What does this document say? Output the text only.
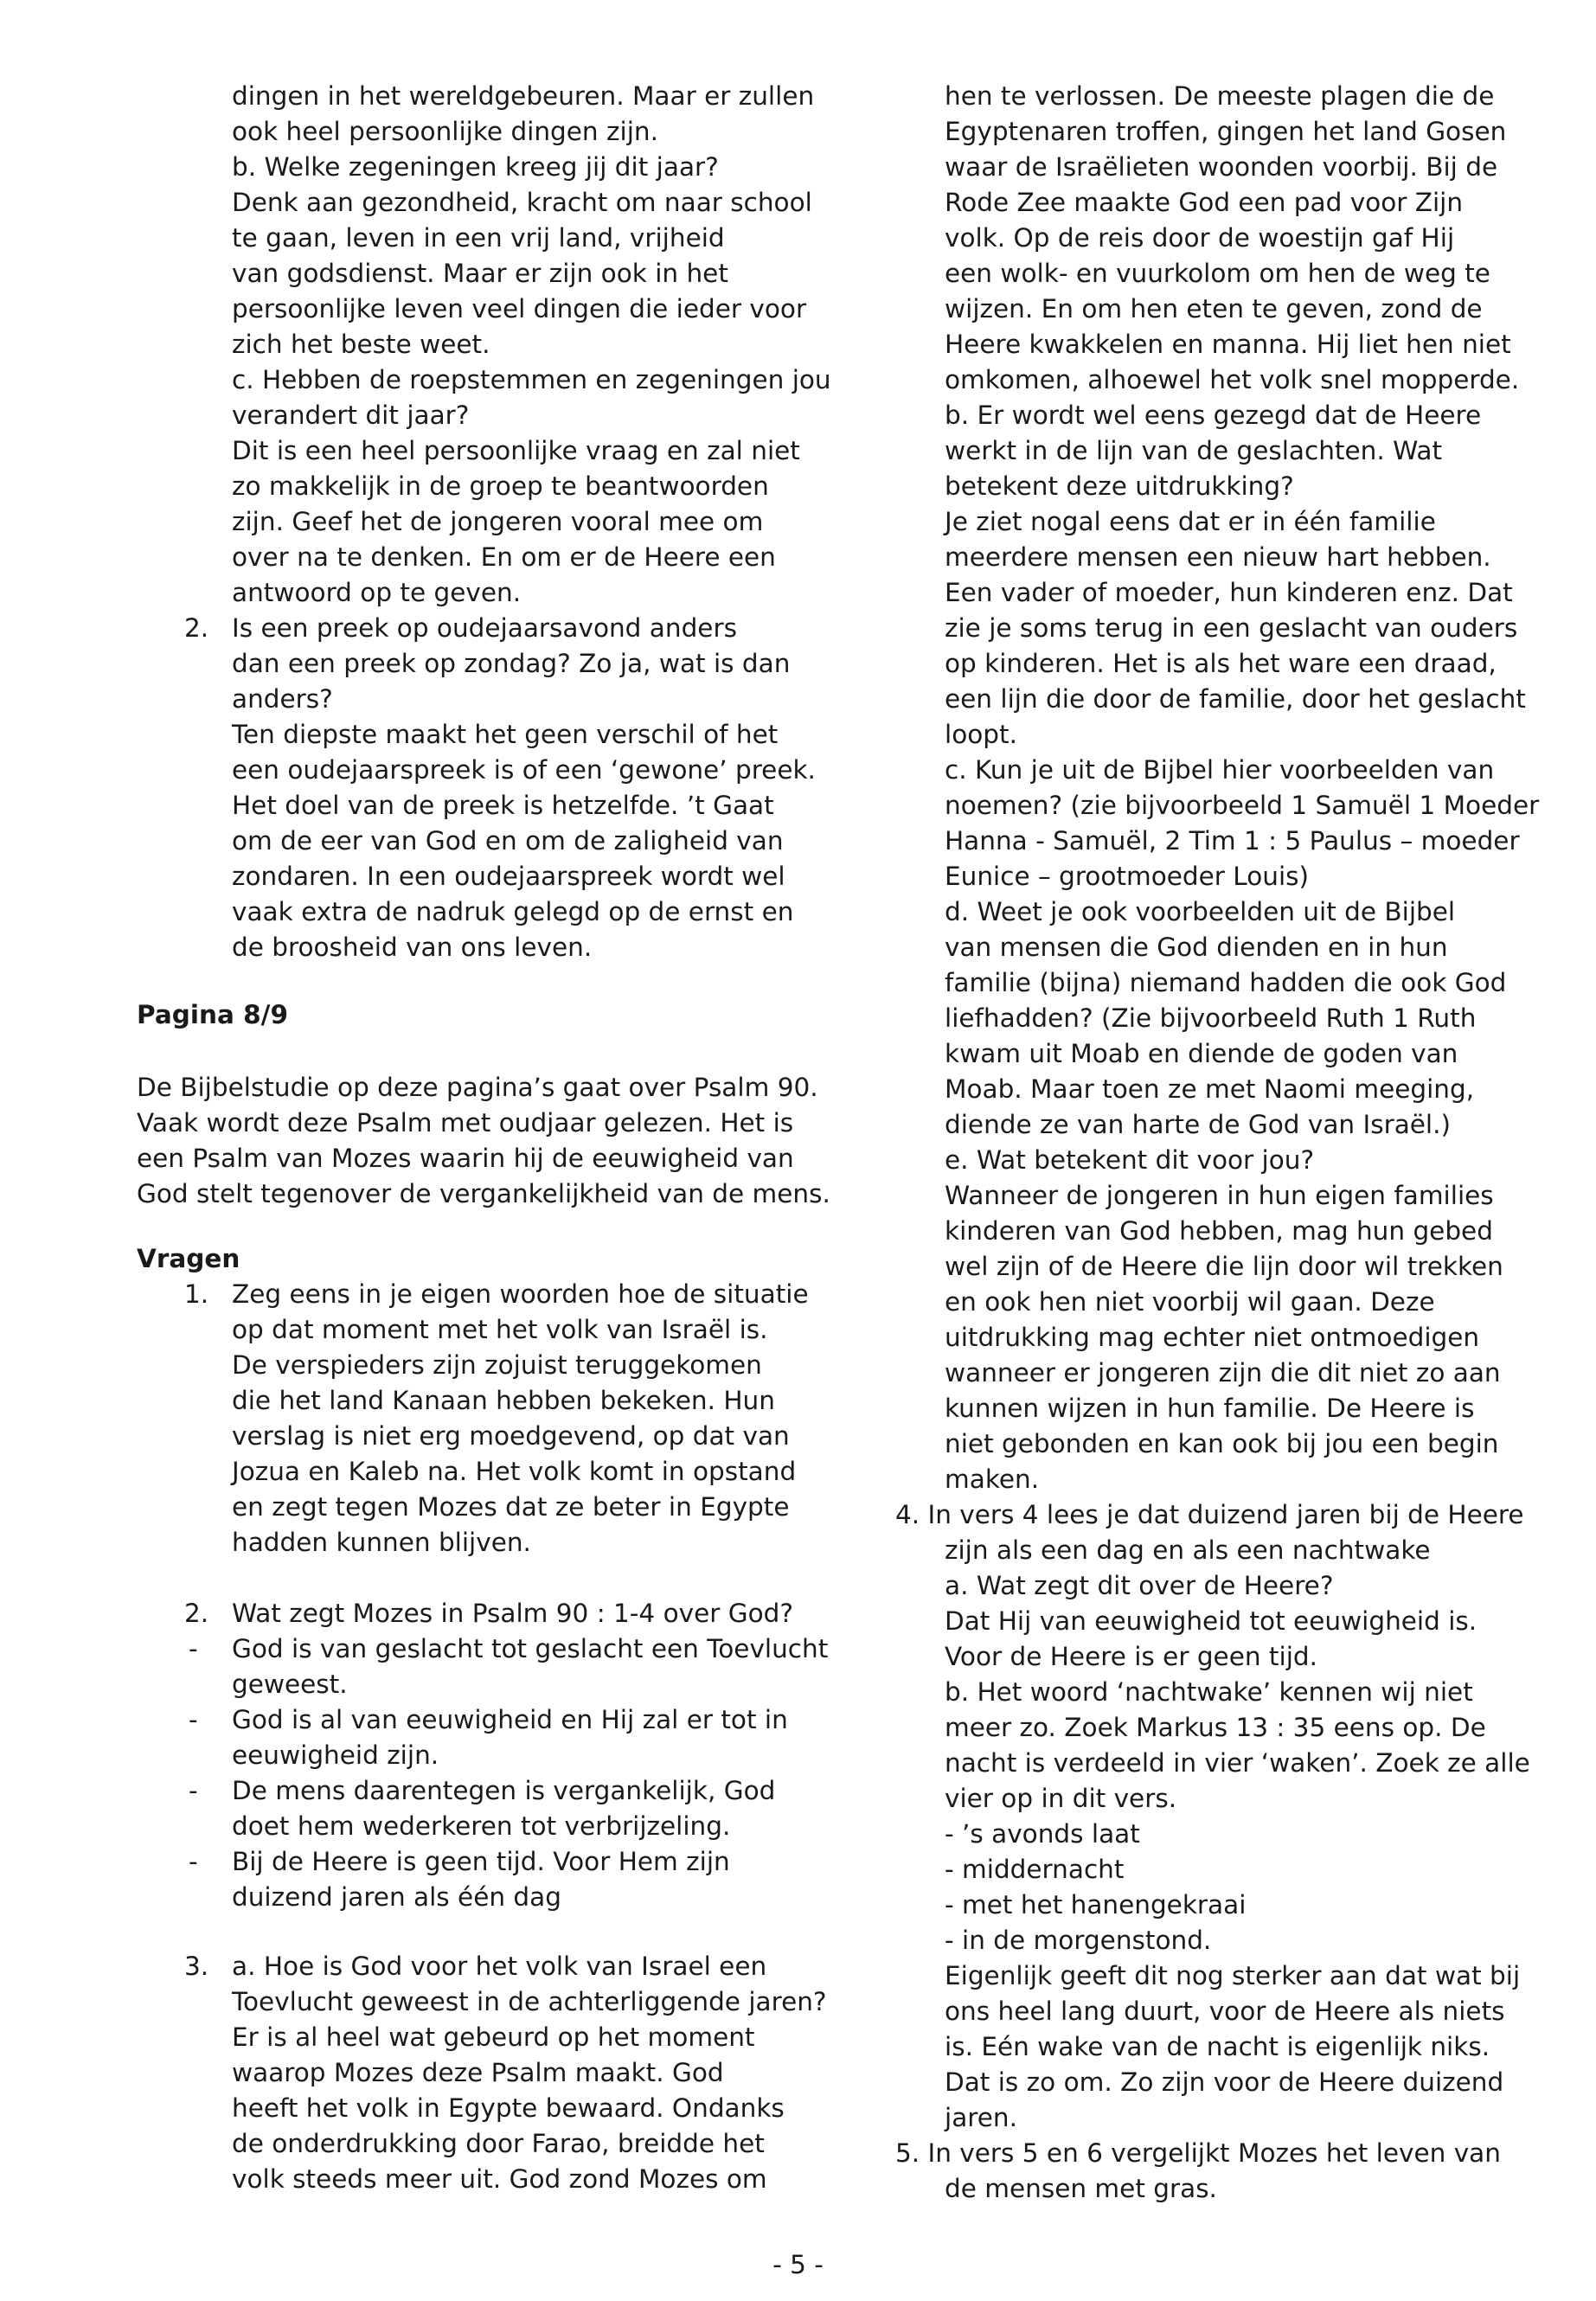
dingen in het wereldgebeuren. Maar er zullen
ook heel persoonlijke dingen zijn.
b. Welke zegeningen kreeg jij dit jaar?
Denk aan gezondheid, kracht om naar school
te gaan, leven in een vrij land, vrijheid
van godsdienst. Maar er zijn ook in het
persoonlijke leven veel dingen die ieder voor
zich het beste weet.
c. Hebben de roepstemmen en zegeningen jou
verandert dit jaar?
Dit is een heel persoonlijke vraag en zal niet
zo makkelijk in de groep te beantwoorden
zijn. Geef het de jongeren vooral mee om
over na te denken. En om er de Heere een
antwoord op te geven.
2. Is een preek op oudejaarsavond anders
dan een preek op zondag? Zo ja, wat is dan
anders?
Ten diepste maakt het geen verschil of het
een oudejaarspreek is of een ‘gewone’ preek.
Het doel van de preek is hetzelfde. ’t Gaat
om de eer van God en om de zaligheid van
zondaren. In een oudejaarspreek wordt wel
vaak extra de nadruk gelegd op de ernst en
de broosheid van ons leven.
Pagina 8/9
De Bijbelstudie op deze pagina’s gaat over Psalm 90.
Vaak wordt deze Psalm met oudjaar gelezen. Het is
een Psalm van Mozes waarin hij de eeuwigheid van
God stelt tegenover de vergankelijkheid van de mens.
Vragen
1. Zeg eens in je eigen woorden hoe de situatie
op dat moment met het volk van Israël is.
De verspieders zijn zojuist teruggekomen
die het land Kanaan hebben bekeken. Hun
verslag is niet erg moedgevend, op dat van
Jozua en Kaleb na. Het volk komt in opstand
en zegt tegen Mozes dat ze beter in Egypte
hadden kunnen blijven.
2. Wat zegt Mozes in Psalm 90 : 1-4 over God?
- God is van geslacht tot geslacht een Toevlucht
geweest.
- God is al van eeuwigheid en Hij zal er tot in
eeuwigheid zijn.
- De mens daarentegen is vergankelijk, God
doet hem wederkeren tot verbrijzeling.
- Bij de Heere is geen tijd. Voor Hem zijn
duizend jaren als één dag
3. a. Hoe is God voor het volk van Israel een
Toevlucht geweest in de achterliggende jaren?
Er is al heel wat gebeurd op het moment
waarop Mozes deze Psalm maakt. God
heeft het volk in Egypte bewaard. Ondanks
de onderdrukking door Farao, breidde het
volk steeds meer uit. God zond Mozes om
hen te verlossen. De meeste plagen die de
Egyptenaren troffen, gingen het land Gosen
waar de Israëlieten woonden voorbij. Bij de
Rode Zee maakte God een pad voor Zijn
volk. Op de reis door de woestijn gaf Hij
een wolk- en vuurkolom om hen de weg te
wijzen. En om hen eten te geven, zond de
Heere kwakkelen en manna. Hij liet hen niet
omkomen, alhoewel het volk snel mopperde.
b. Er wordt wel eens gezegd dat de Heere
werkt in de lijn van de geslachten. Wat
betekent deze uitdrukking?
Je ziet nogal eens dat er in één familie
meerdere mensen een nieuw hart hebben.
Een vader of moeder, hun kinderen enz. Dat
zie je soms terug in een geslacht van ouders
op kinderen. Het is als het ware een draad,
een lijn die door de familie, door het geslacht
loopt.
c. Kun je uit de Bijbel hier voorbeelden van
noemen? (zie bijvoorbeeld 1 Samuël 1 Moeder
Hanna - Samuël, 2 Tim 1 : 5 Paulus – moeder
Eunice – grootmoeder Louis)
d. Weet je ook voorbeelden uit de Bijbel
van mensen die God dienden en in hun
familie (bijna) niemand hadden die ook God
liefhadden? (Zie bijvoorbeeld Ruth 1 Ruth
kwam uit Moab en diende de goden van
Moab. Maar toen ze met Naomi meeging,
diende ze van harte de God van Israël.)
e. Wat betekent dit voor jou?
Wanneer de jongeren in hun eigen families
kinderen van God hebben, mag hun gebed
wel zijn of de Heere die lijn door wil trekken
en ook hen niet voorbij wil gaan. Deze
uitdrukking mag echter niet ontmoedigen
wanneer er jongeren zijn die dit niet zo aan
kunnen wijzen in hun familie. De Heere is
niet gebonden en kan ook bij jou een begin
maken.
4. In vers 4 lees je dat duizend jaren bij de Heere
zijn als een dag en als een nachtwake
a. Wat zegt dit over de Heere?
Dat Hij van eeuwigheid tot eeuwigheid is.
Voor de Heere is er geen tijd.
b. Het woord ‘nachtwake’ kennen wij niet
meer zo. Zoek Markus 13 : 35 eens op. De
nacht is verdeeld in vier ‘waken’. Zoek ze alle
vier op in dit vers.
- ’s avonds laat
- middernacht
- met het hanengekraai
- in de morgenstond.
Eigenlijk geeft dit nog sterker aan dat wat bij
ons heel lang duurt, voor de Heere als niets
is. Eén wake van de nacht is eigenlijk niks.
Dat is zo om. Zo zijn voor de Heere duizend
jaren.
5. In vers 5 en 6 vergelijkt Mozes het leven van
de mensen met gras.
- 5 -
